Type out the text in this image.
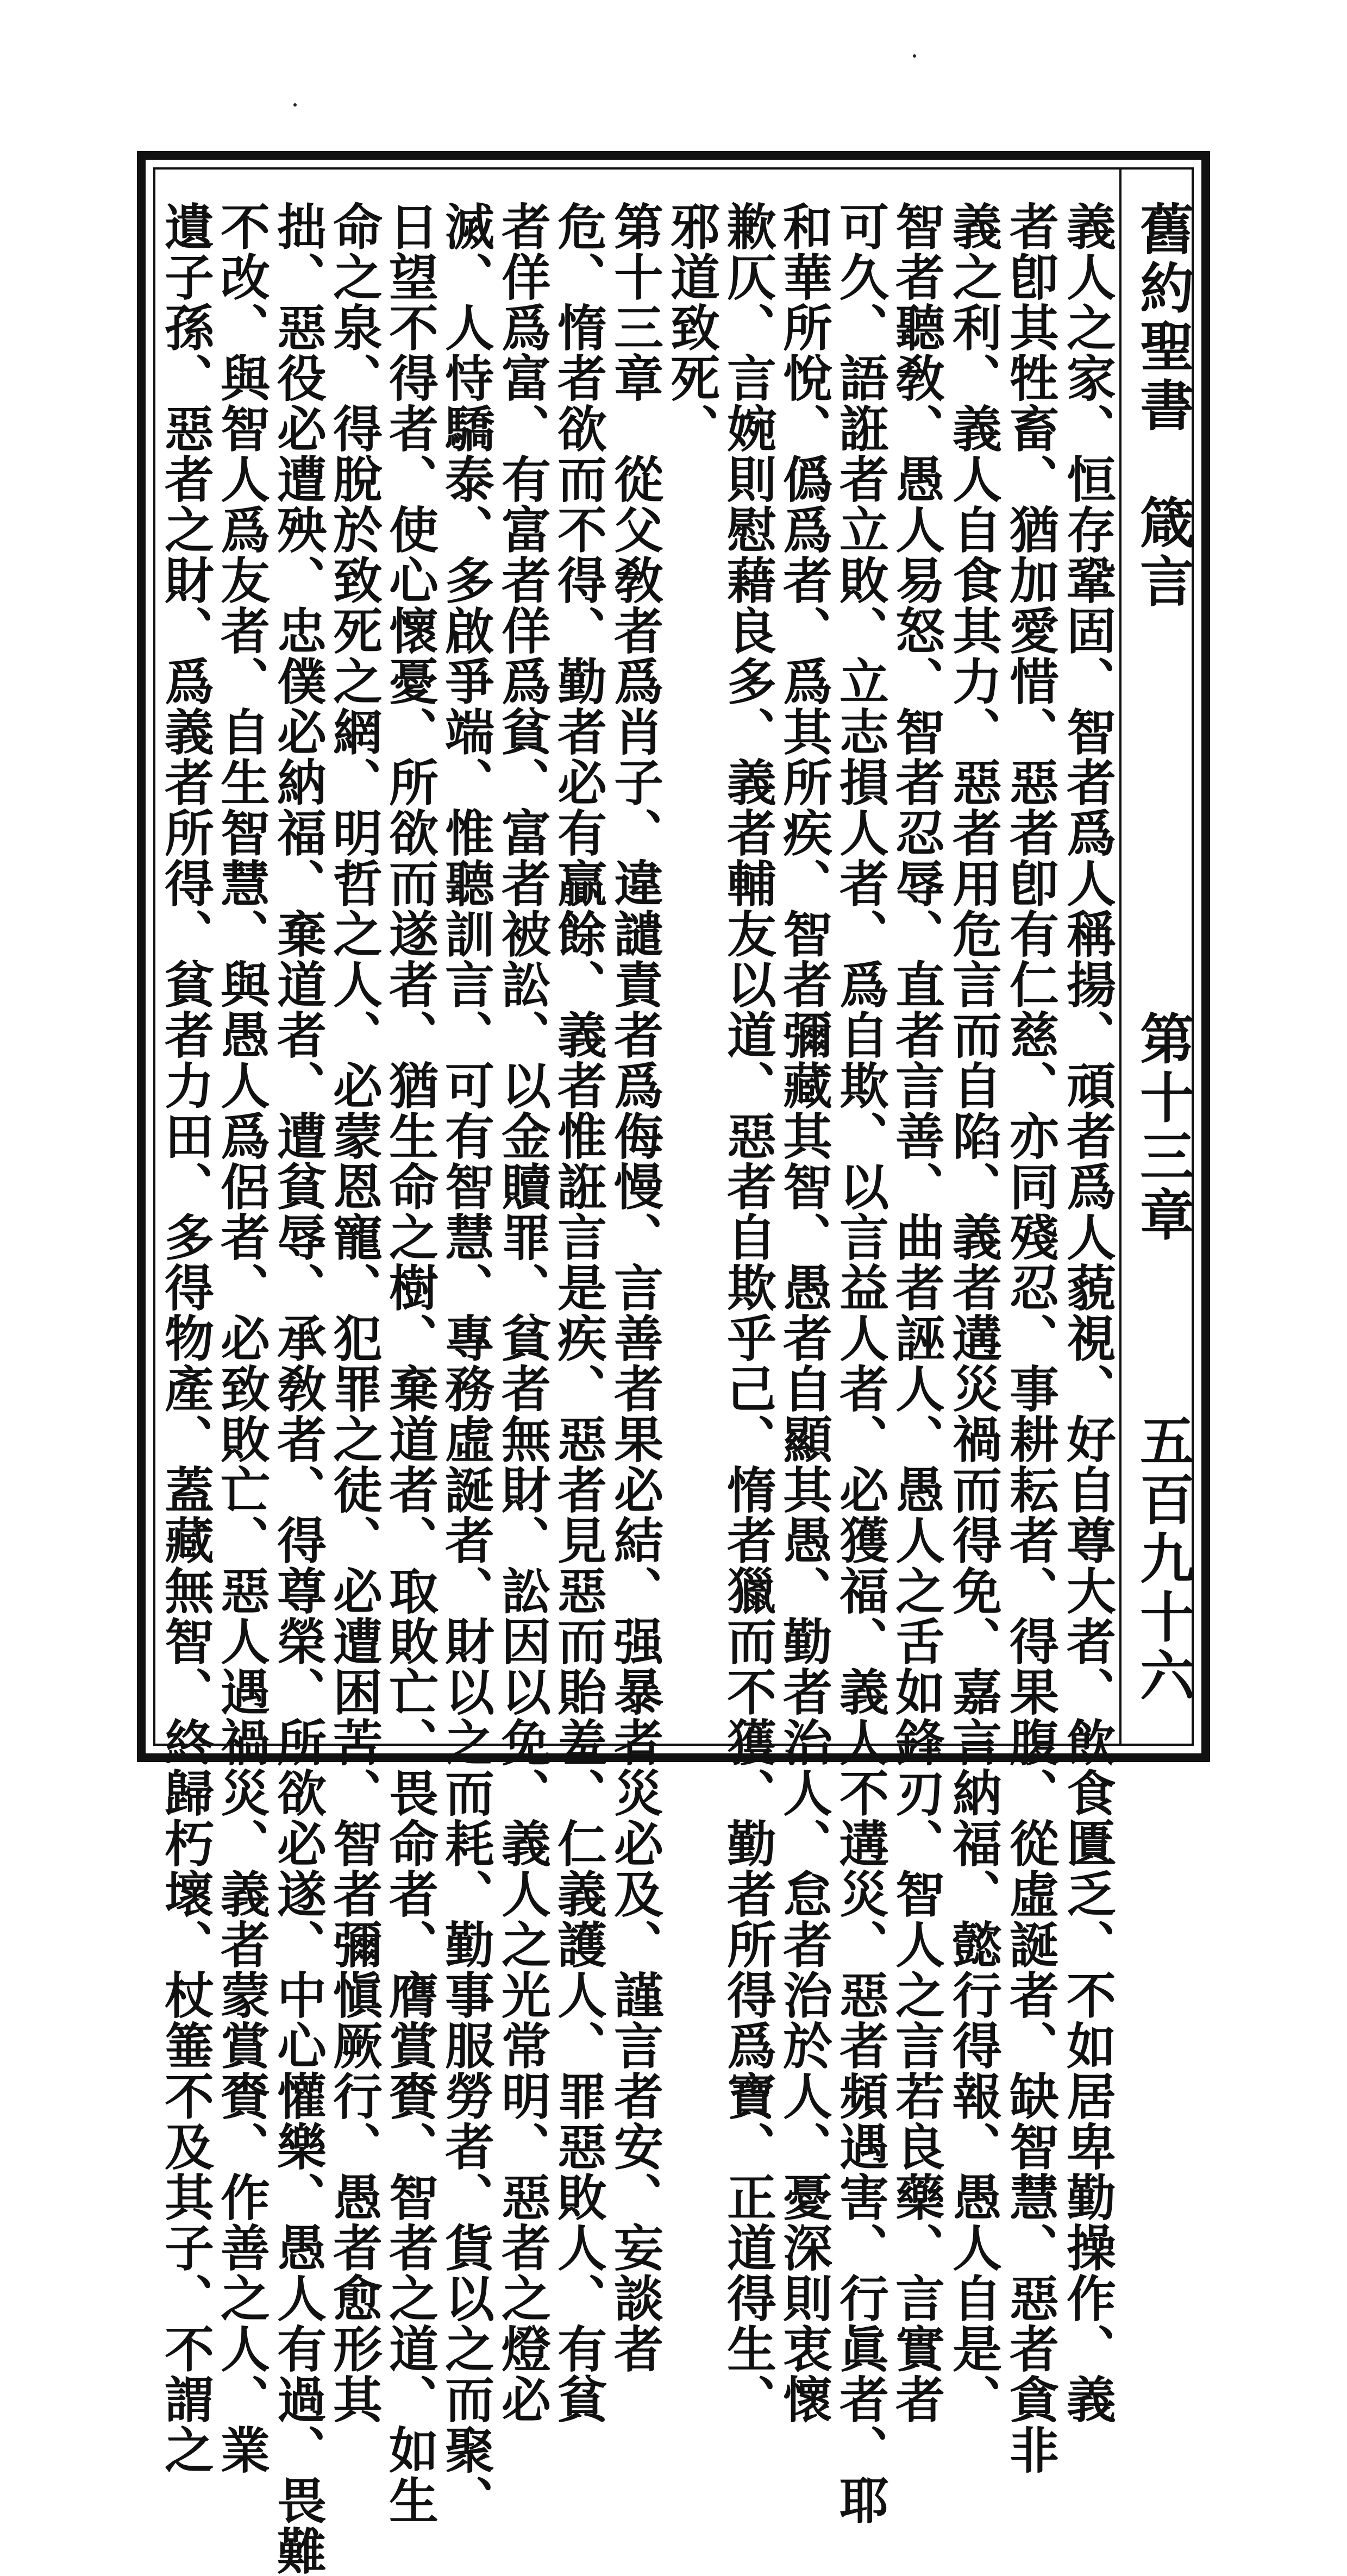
舊約聖書　箴言
第十三章
五百九十六
義人之家、恒存鞏固、智者爲人稱揚、頑者爲人藐視、好自尊大者、飲食匱乏、不如居卑勤操作、義
者卽其牲畜、猶加愛惜、惡者卽有仁慈、亦同殘忍、事耕耘者、得果腹、從虛誕者、缺智慧、惡者貪非
義之利、義人自食其力、惡者用危言而自陷、義者遘災禍而得免、嘉言納福、懿行得報、愚人自是、
智者聽敎、愚人易怒、智者忍辱、直者言善、曲者誣人、愚人之舌如鋒刃、智人之言若良藥、言實者
可久、語誑者立敗、立志損人者、爲自欺、以言益人者、必獲福、義人不遘災、惡者頻遇害、行眞者、耶
和華所悅、僞爲者、爲其所疾、智者彌藏其智、愚者自顯其愚、勤者治人、怠者治於人、憂深則衷懷
歉仄、言婉則慰藉良多、義者輔友以道、惡者自欺乎己、惰者獵而不獲、勤者所得爲寶、正道得生、
邪道致死、
第十三章　從父敎者爲肖子、違譴責者爲侮慢、言善者果必結、强暴者災必及、謹言者安、妄談者
危、惰者欲而不得、勤者必有贏餘、義者惟誑言是疾、惡者見惡而貽羞、仁義護人、罪惡敗人、有貧
者佯爲富、有富者佯爲貧、富者被訟、以金贖罪、貧者無財、訟因以免、義人之光常明、惡者之燈必
滅、人恃驕泰、多啟爭端、惟聽訓言、可有智慧、專務虛誕者、財以之而耗、勤事服勞者、貨以之而聚、
日望不得者、使心懷憂、所欲而遂者、猶生命之樹、棄道者、取敗亡、畏命者、膺賞賚、智者之道、如生
命之泉、得脫於致死之網、明哲之人、必蒙恩寵、犯罪之徒、必遭困苦、智者彌愼厥行、愚者愈形其
拙、惡役必遭殃、忠僕必納福、棄道者、遭貧辱、承敎者、得尊榮、所欲必遂、中心懽樂、愚人有過、畏難
不改、與智人爲友者、自生智慧、與愚人爲侶者、必致敗亡、惡人遇禍災、義者蒙賞賚、作善之人、業
遺子孫、惡者之財、爲義者所得、貧者力田、多得物產、蓋藏無智、終歸朽壞、杖箠不及其子、不謂之
